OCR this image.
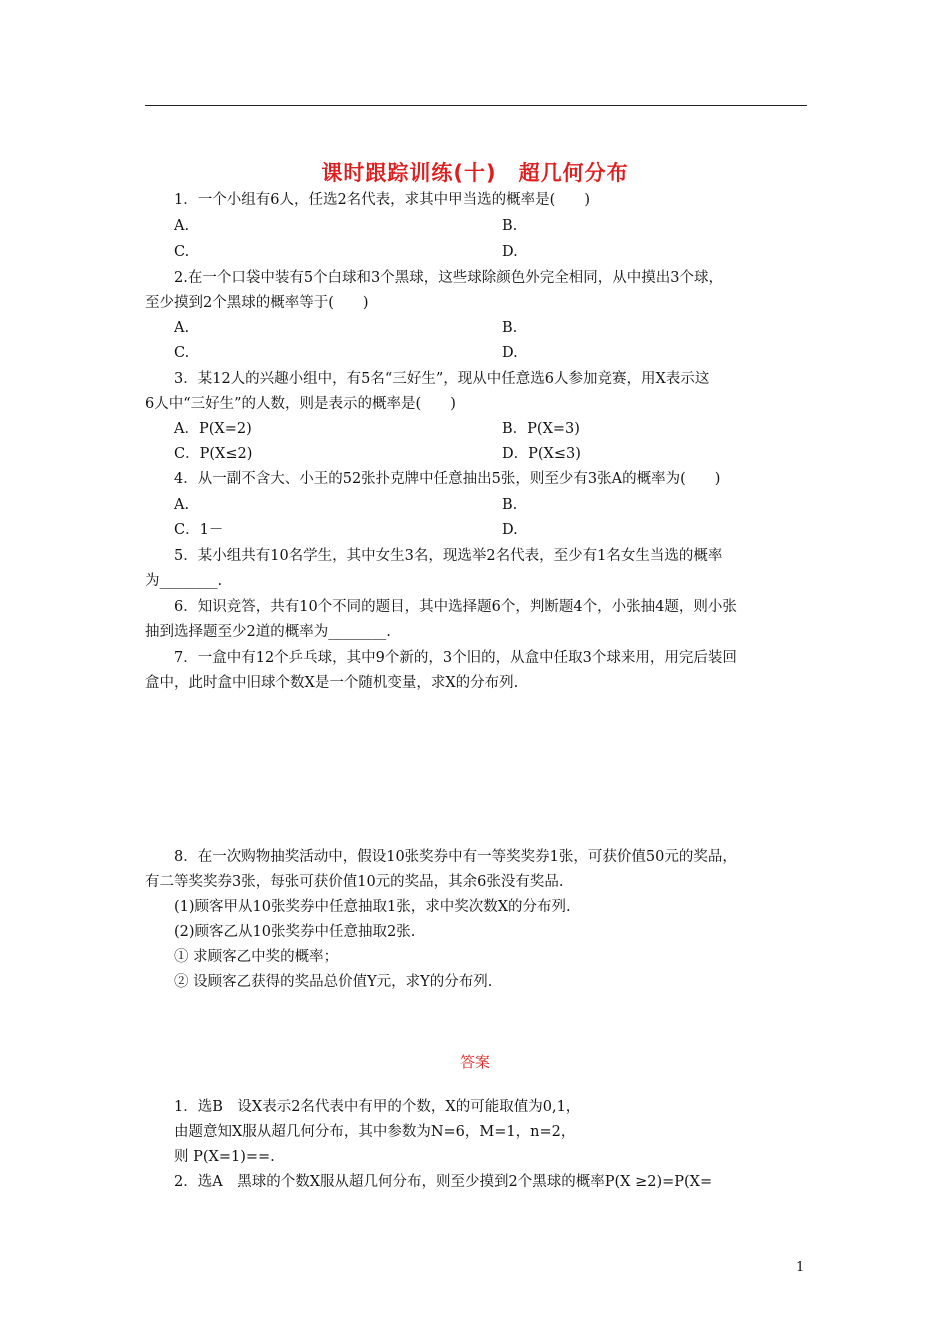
课时跟踪训练(十)　超几何分布
1．一个小组有6人，任选2名代表，求其中甲当选的概率是(　　)
A.	B.
C.	D.
2.在一个口袋中装有5个白球和3个黑球，这些球除颜色外完全相同，从中摸出3个球，
至少摸到2个黑球的概率等于(　　)
A.	B.
C.	D.
3．某12人的兴趣小组中，有5名“三好生”，现从中任意选6人参加竞赛，用X表示这
6人中“三好生”的人数，则是表示的概率是(　　)
A．P(X=2)	B．P(X=3)
C．P(X≤2)	D．P(X≤3)
4．从一副不含大、小王的52张扑克牌中任意抽出5张，则至少有3张A的概率为(　　)
A.	B.
C．1－	D.
5．某小组共有10名学生，其中女生3名，现选举2名代表，至少有1名女生当选的概率
为________.
6．知识竞答，共有10个不同的题目，其中选择题6个，判断题4个，小张抽4题，则小张
抽到选择题至少2道的概率为________.
7．一盒中有12个乒乓球，其中9个新的，3个旧的，从盒中任取3个球来用，用完后装回
盒中，此时盒中旧球个数X是一个随机变量，求X的分布列.
8．在一次购物抽奖活动中，假设10张奖券中有一等奖奖券1张，可获价值50元的奖品，
有二等奖奖券3张，每张可获价值10元的奖品，其余6张没有奖品.
(1)顾客甲从10张奖券中任意抽取1张，求中奖次数X的分布列.
(2)顾客乙从10张奖券中任意抽取2张.
① 求顾客乙中奖的概率；
② 设顾客乙获得的奖品总价值Y元，求Y的分布列.
答案
1．选B　设X表示2名代表中有甲的个数，X的可能取值为0,1，
由题意知X服从超几何分布，其中参数为N=6，M=1，n=2，
则 P(X=1)==.
2．选A　黑球的个数X服从超几何分布，则至少摸到2个黑球的概率P(X ≥2)=P(X=
1
